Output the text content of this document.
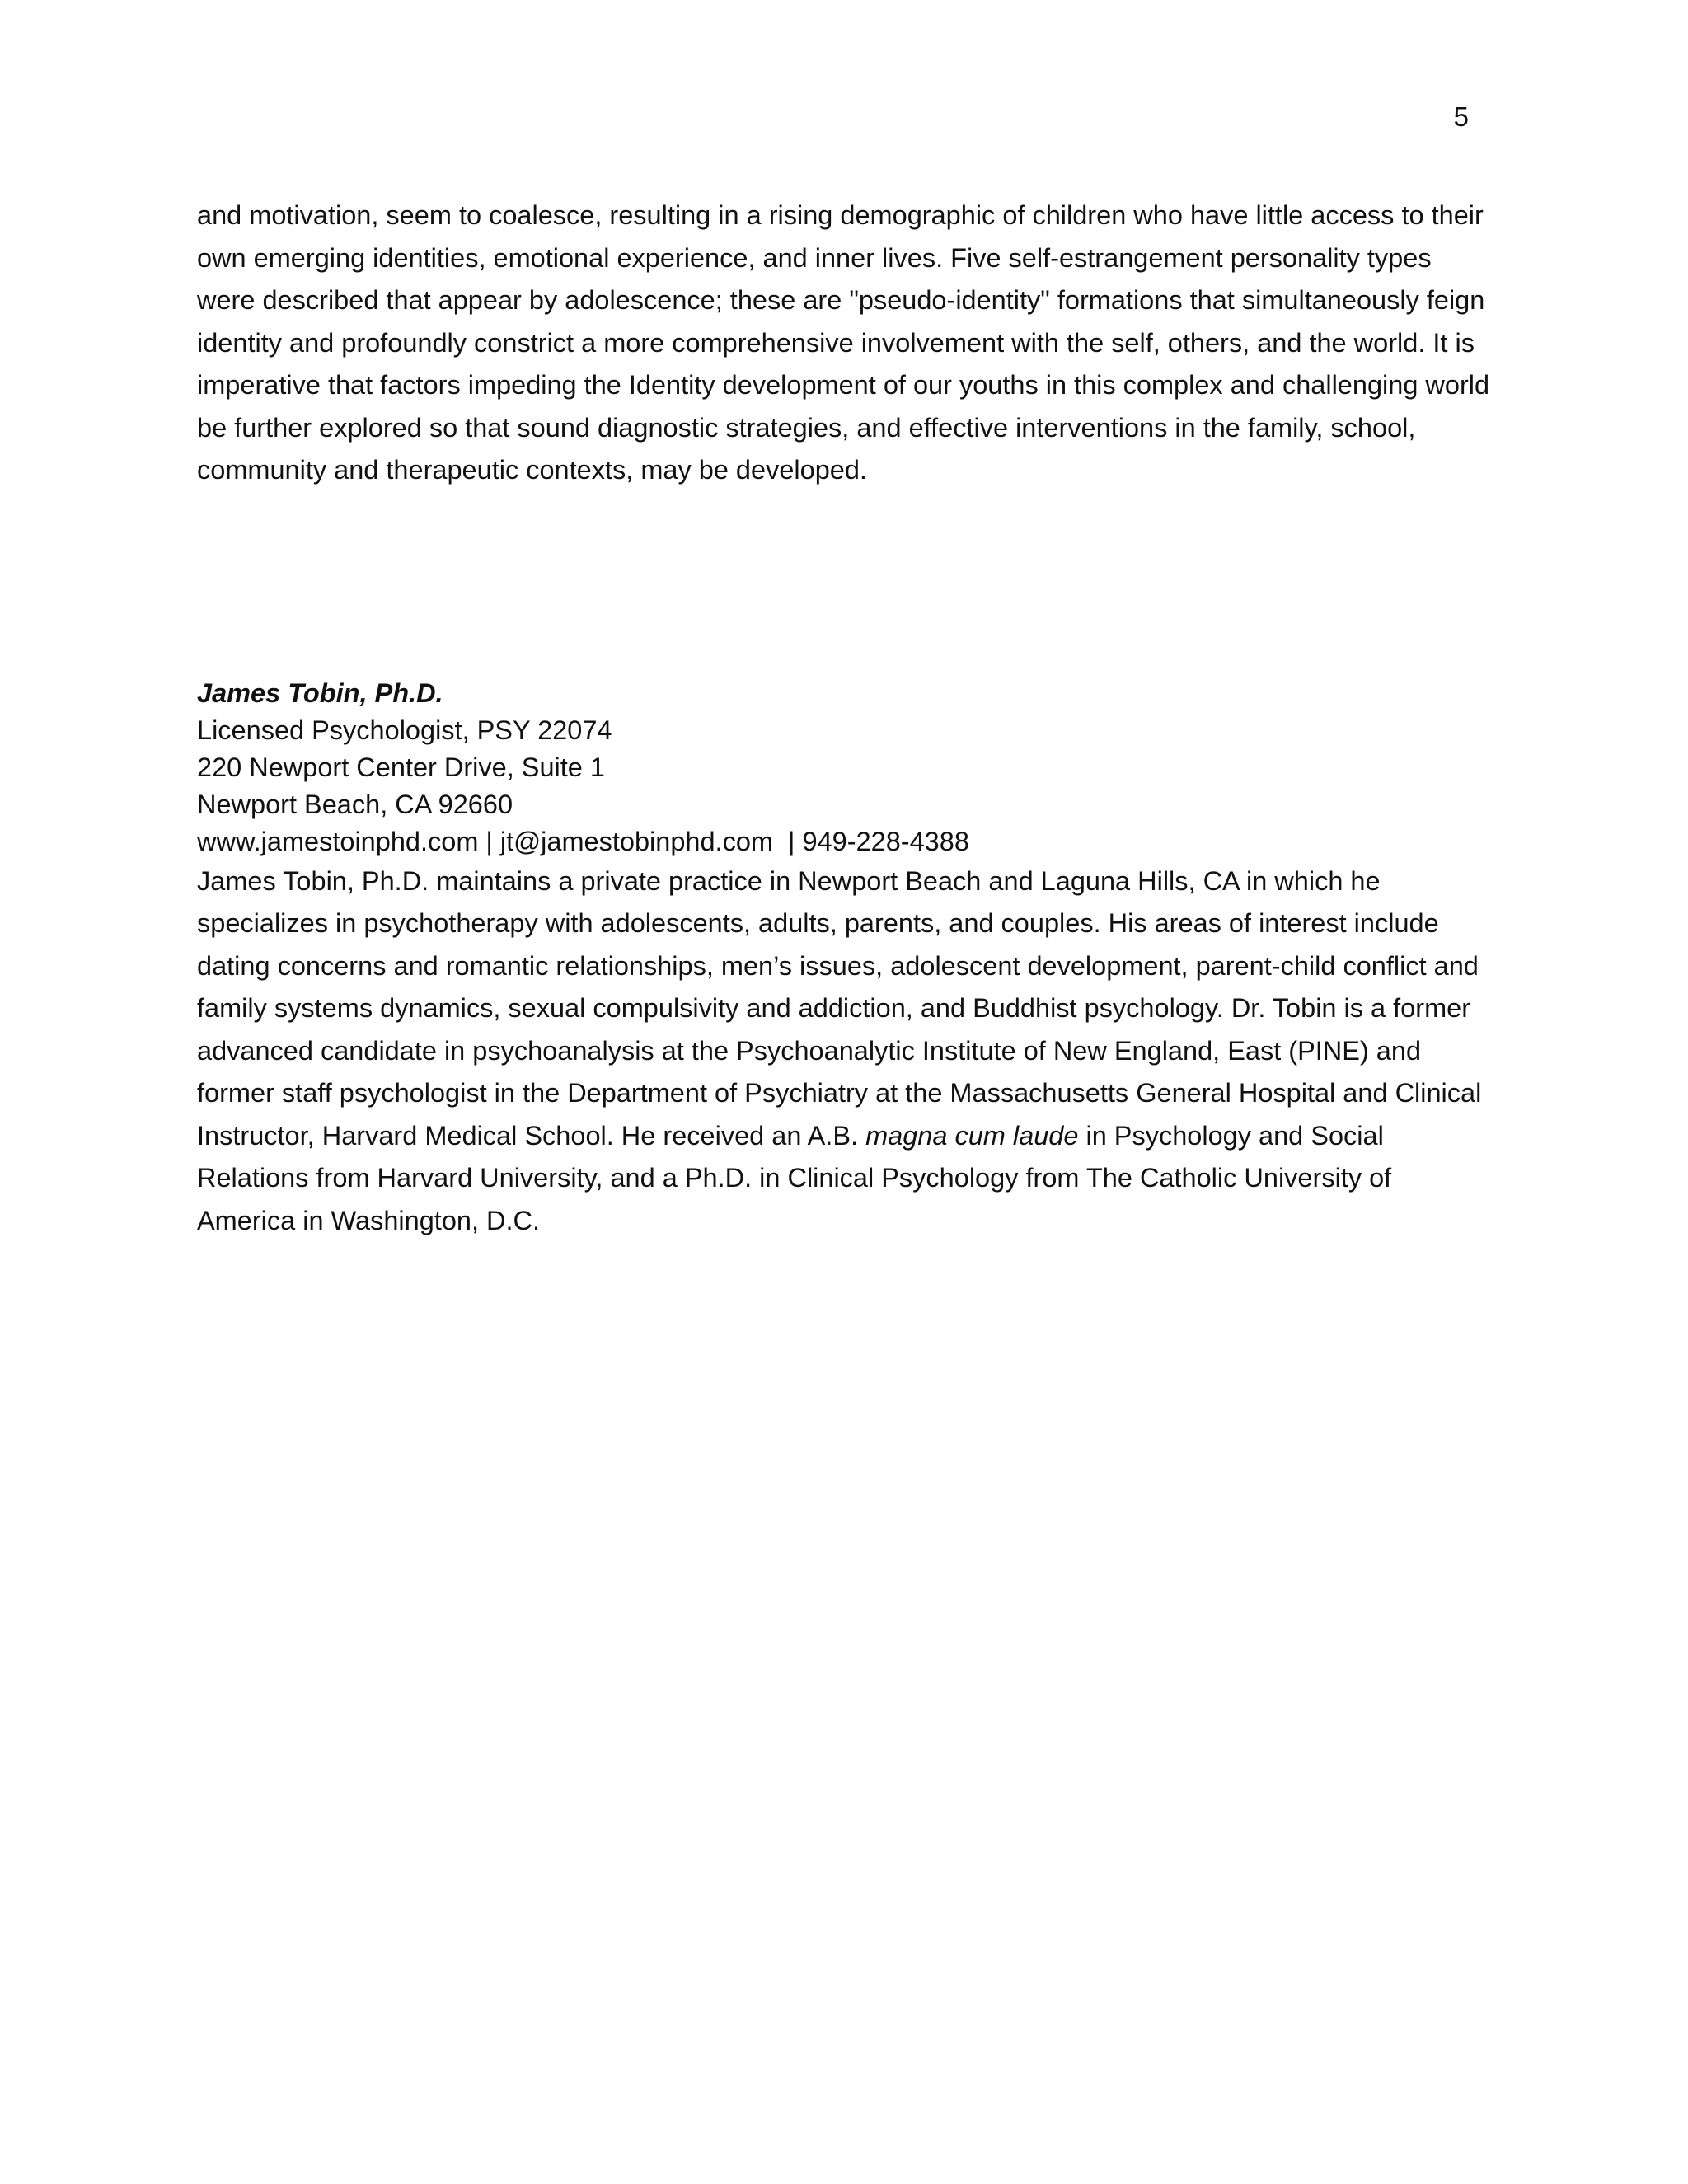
5

and motivation, seem to coalesce, resulting in a rising demographic of children who have little access to their own emerging identities, emotional experience, and inner lives. Five self-estrangement personality types were described that appear by adolescence; these are "pseudo-identity" formations that simultaneously feign identity and profoundly constrict a more comprehensive involvement with the self, others, and the world. It is imperative that factors impeding the Identity development of our youths in this complex and challenging world be further explored so that sound diagnostic strategies, and effective interventions in the family, school, community and therapeutic contexts, may be developed.

James Tobin, Ph.D.

Licensed Psychologist, PSY 22074

220 Newport Center Drive, Suite 1

Newport Beach, CA 92660

www.jamestoinphd.com | jt@jamestobinphd.com  | 949-228-4388

James Tobin, Ph.D. maintains a private practice in Newport Beach and Laguna Hills, CA in which he specializes in psychotherapy with adolescents, adults, parents, and couples. His areas of interest include dating concerns and romantic relationships, men’s issues, adolescent development, parent-child conflict and family systems dynamics, sexual compulsivity and addiction, and Buddhist psychology. Dr. Tobin is a former advanced candidate in psychoanalysis at the Psychoanalytic Institute of New England, East (PINE) and former staff psychologist in the Department of Psychiatry at the Massachusetts General Hospital and Clinical Instructor, Harvard Medical School. He received an A.B. magna cum laude in Psychology and Social Relations from Harvard University, and a Ph.D. in Clinical Psychology from The Catholic University of America in Washington, D.C.
